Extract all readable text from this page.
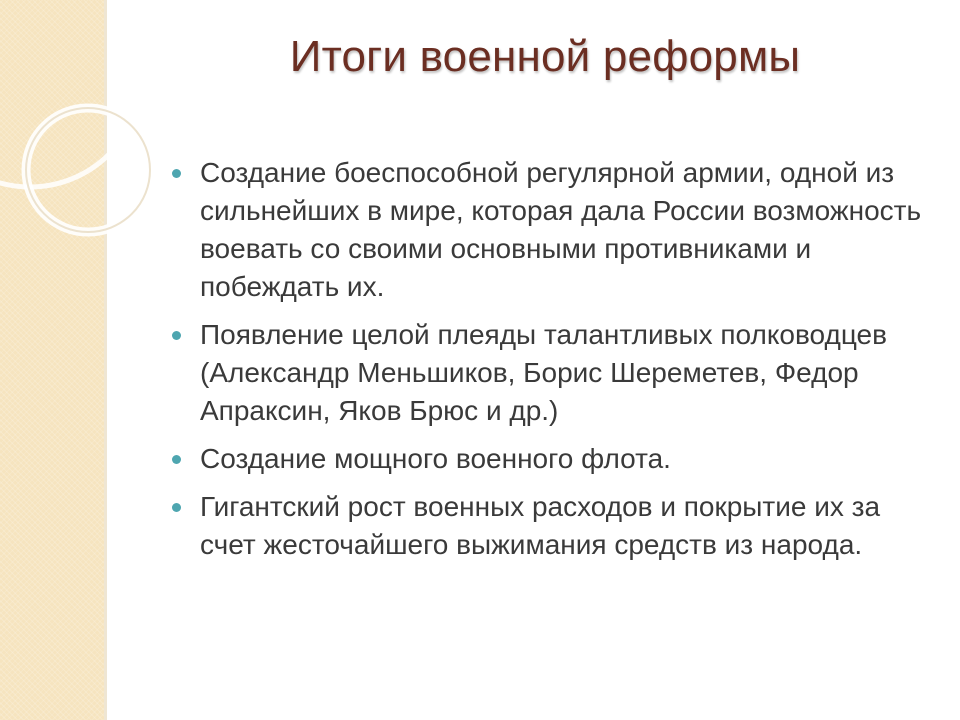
Итоги военной реформы
Создание боеспособной регулярной армии, одной из сильнейших в мире, которая дала России возможность воевать со своими основными противниками и побеждать их.
Появление целой плеяды талантливых полководцев (Александр Меньшиков, Борис Шереметев, Федор Апраксин, Яков Брюс и др.)
Создание мощного военного флота.
Гигантский рост военных расходов и покрытие их за счет жесточайшего выжимания средств из народа.
